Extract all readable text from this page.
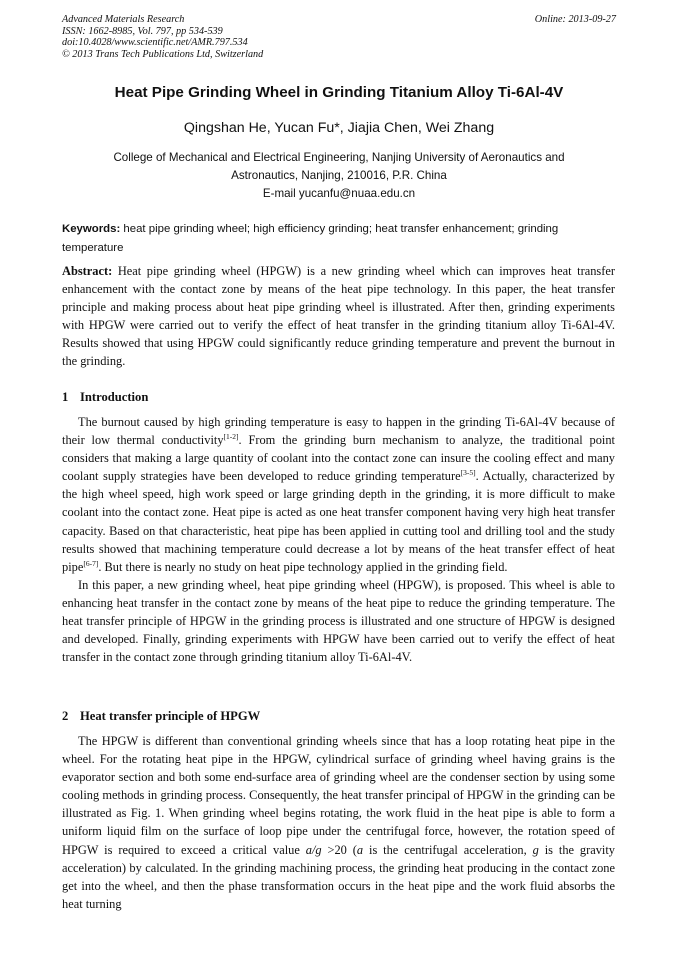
Advanced Materials Research
ISSN: 1662-8985, Vol. 797, pp 534-539
doi:10.4028/www.scientific.net/AMR.797.534
© 2013 Trans Tech Publications Ltd, Switzerland
Online: 2013-09-27
Heat Pipe Grinding Wheel in Grinding Titanium Alloy Ti-6Al-4V
Qingshan He, Yucan Fu*, Jiajia Chen, Wei Zhang
College of Mechanical and Electrical Engineering, Nanjing University of Aeronautics and
Astronautics, Nanjing, 210016, P.R. China
E-mail yucanfu@nuaa.edu.cn
Keywords: heat pipe grinding wheel; high efficiency grinding; heat transfer enhancement; grinding temperature
Abstract: Heat pipe grinding wheel (HPGW) is a new grinding wheel which can improves heat transfer enhancement with the contact zone by means of the heat pipe technology. In this paper, the heat transfer principle and making process about heat pipe grinding wheel is illustrated. After then, grinding experiments with HPGW were carried out to verify the effect of heat transfer in the grinding titanium alloy Ti-6Al-4V. Results showed that using HPGW could significantly reduce grinding temperature and prevent the burnout in the grinding.
1 Introduction

The burnout caused by high grinding temperature is easy to happen in the grinding Ti-6Al-4V because of their low thermal conductivity[1-2]. From the grinding burn mechanism to analyze, the traditional point considers that making a large quantity of coolant into the contact zone can insure the cooling effect and many coolant supply strategies have been developed to reduce grinding temperature[3-5]. Actually, characterized by the high wheel speed, high work speed or large grinding depth in the grinding, it is more difficult to make coolant into the contact zone. Heat pipe is acted as one heat transfer component having very high heat transfer capacity. Based on that characteristic, heat pipe has been applied in cutting tool and drilling tool and the study results showed that machining temperature could decrease a lot by means of the heat transfer effect of heat pipe[6-7]. But there is nearly no study on heat pipe technology applied in the grinding field.

In this paper, a new grinding wheel, heat pipe grinding wheel (HPGW), is proposed. This wheel is able to enhancing heat transfer in the contact zone by means of the heat pipe to reduce the grinding temperature. The heat transfer principle of HPGW in the grinding process is illustrated and one structure of HPGW is designed and developed. Finally, grinding experiments with HPGW have been carried out to verify the effect of heat transfer in the contact zone through grinding titanium alloy Ti-6Al-4V.

2 Heat transfer principle of HPGW

The HPGW is different than conventional grinding wheels since that has a loop rotating heat pipe in the wheel. For the rotating heat pipe in the HPGW, cylindrical surface of grinding wheel having grains is the evaporator section and both some end-surface area of grinding wheel are the condenser section by using some cooling methods in grinding process. Consequently, the heat transfer principal of HPGW in the grinding can be illustrated as Fig. 1. When grinding wheel begins rotating, the work fluid in the heat pipe is able to form a uniform liquid film on the surface of loop pipe under the centrifugal force, however, the rotation speed of HPGW is required to exceed a critical value a/g >20 (a is the centrifugal acceleration, g is the gravity acceleration) by calculated. In the grinding machining process, the grinding heat producing in the contact zone get into the wheel, and then the phase transformation occurs in the heat pipe and the work fluid absorbs the heat turning
